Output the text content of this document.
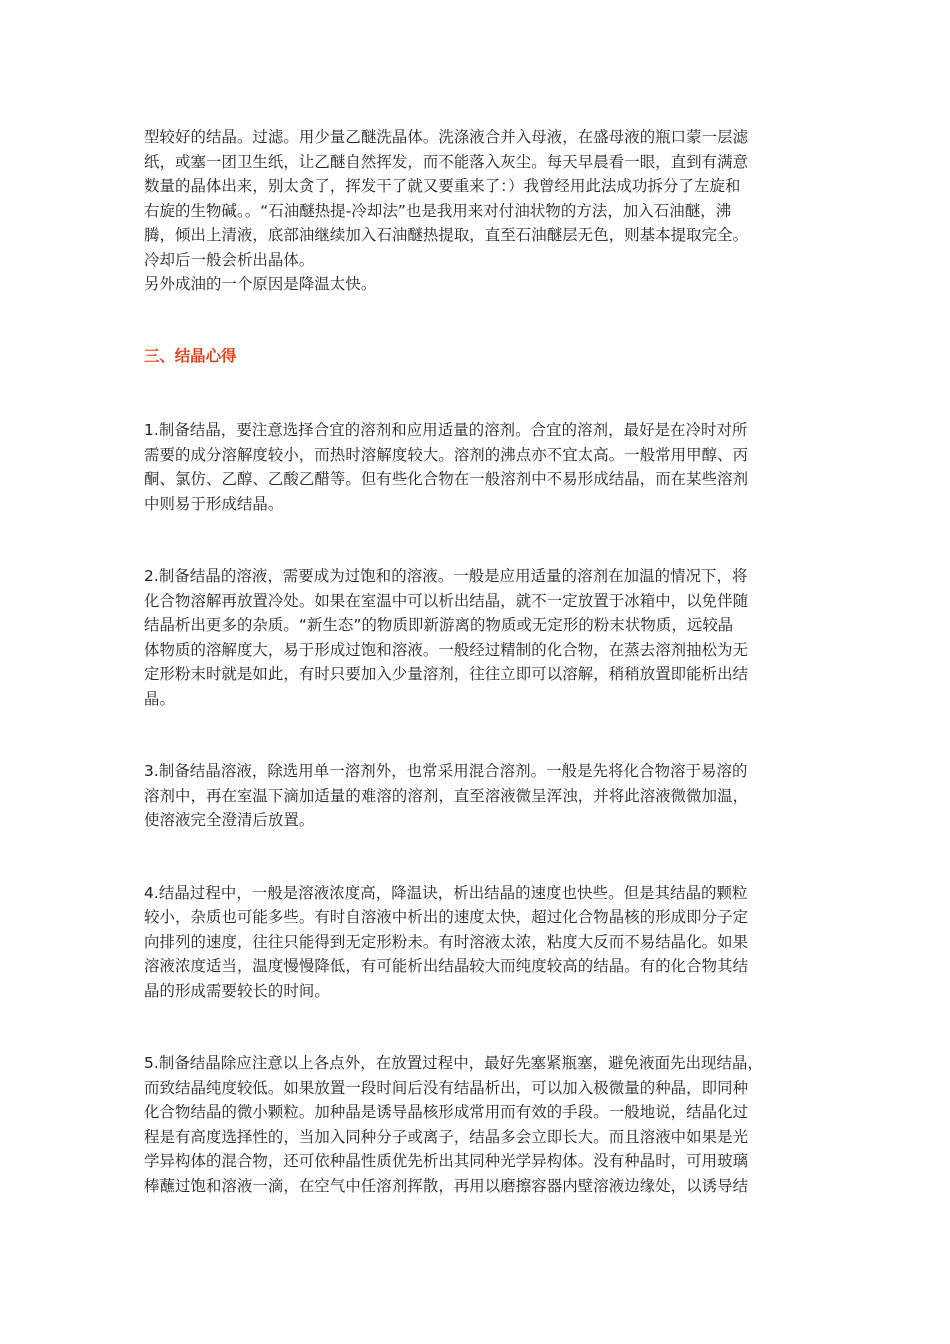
型较好的结晶。过滤。用少量乙醚洗晶体。洗涤液合并入母液，在盛母液的瓶口蒙一层滤
纸，或塞一团卫生纸，让乙醚自然挥发，而不能落入灰尘。每天早晨看一眼，直到有满意
数量的晶体出来，别太贪了，挥发干了就又要重来了：）我曾经用此法成功拆分了左旋和
右旋的生物碱。。“石油醚热提-冷却法”也是我用来对付油状物的方法，加入石油醚，沸
腾，倾出上清液，底部油继续加入石油醚热提取，直至石油醚层无色，则基本提取完全。
冷却后一般会析出晶体。
另外成油的一个原因是降温太快。
三、结晶心得
1.制备结晶，要注意选择合宜的溶剂和应用适量的溶剂。合宜的溶剂，最好是在冷时对所
需要的成分溶解度较小，而热时溶解度较大。溶剂的沸点亦不宜太高。一般常用甲醇、丙
酮、氯仿、乙醇、乙酸乙醋等。但有些化合物在一般溶剂中不易形成结晶，而在某些溶剂
中则易于形成结晶。
2.制备结晶的溶液，需要成为过饱和的溶液。一般是应用适量的溶剂在加温的情况下，将
化合物溶解再放置冷处。如果在室温中可以析出结晶，就不一定放置于冰箱中，以免伴随
结晶析出更多的杂质。“新生态”的物质即新游离的物质或无定形的粉末状物质，远较晶
体物质的溶解度大，易于形成过饱和溶液。一般经过精制的化合物，在蒸去溶剂抽松为无
定形粉末时就是如此，有时只要加入少量溶剂，往往立即可以溶解，稍稍放置即能析出结
晶。
3.制备结晶溶液，除选用单一溶剂外，也常采用混合溶剂。一般是先将化合物溶于易溶的
溶剂中，再在室温下滴加适量的难溶的溶剂，直至溶液微呈浑浊，并将此溶液微微加温，
使溶液完全澄清后放置。
4.结晶过程中，一般是溶液浓度高，降温诀，析出结晶的速度也快些。但是其结晶的颗粒
较小，杂质也可能多些。有时自溶液中析出的速度太快，超过化合物晶核的形成即分子定
向排列的速度，往往只能得到无定形粉未。有时溶液太浓，粘度大反而不易结晶化。如果
溶液浓度适当，温度慢慢降低，有可能析出结晶较大而纯度较高的结晶。有的化合物其结
晶的形成需要较长的时间。
5.制备结晶除应注意以上各点外，在放置过程中，最好先塞紧瓶塞，避免液面先出现结晶，
而致结晶纯度较低。如果放置一段时间后没有结晶析出，可以加入极微量的种晶，即同种
化合物结晶的微小颗粒。加种晶是诱导晶核形成常用而有效的手段。一般地说，结晶化过
程是有高度选择性的，当加入同种分子或离子，结晶多会立即长大。而且溶液中如果是光
学异构体的混合物，还可依种晶性质优先析出其同种光学异构体。没有种晶时，可用玻璃
棒蘸过饱和溶液一滴，在空气中任溶剂挥散，再用以磨擦容器内壁溶液边缘处，以诱导结
